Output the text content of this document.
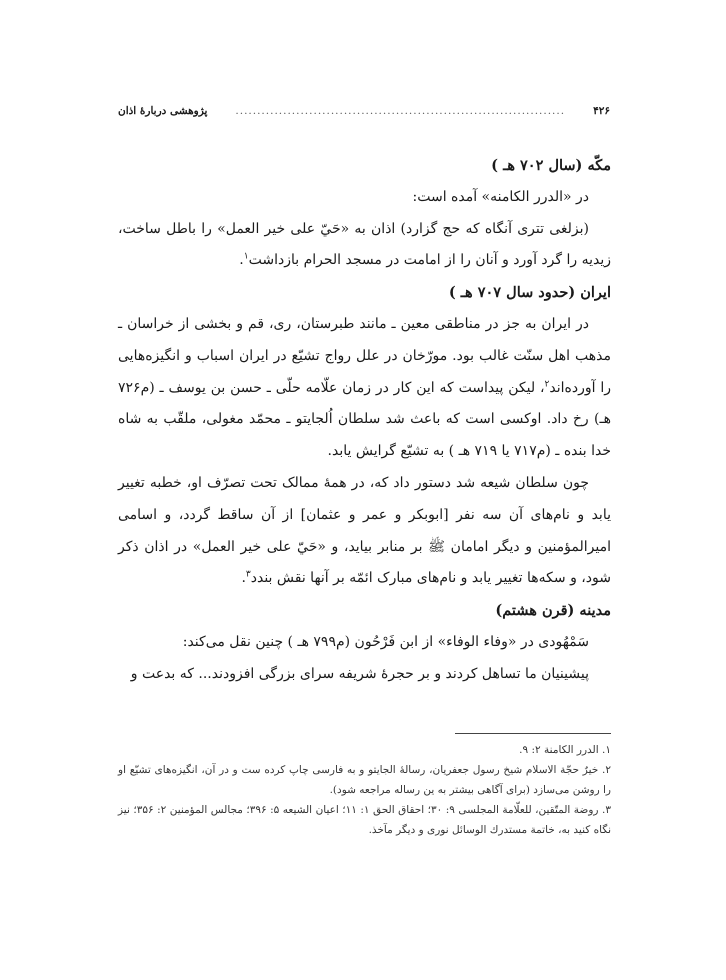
۴۲۶
............................................................................
پژوهشی دربارۀ اذان

مکّه (سال ۷۰۲ هـ )

در «الدرر الکامنه» آمده است:

(بزلغی تتری آنگاه که حج گزارد) اذان به «حَيّ على خير العمل» را باطل ساخت، زیدیه را گرد آورد و آنان را از امامت در مسجد الحرام بازداشت$^۱$.

ایران (حدود سال ۷۰۷ هـ )

در ایران به جز در مناطقی معین ـ مانند طبرستان، ری، قم و بخشی از خراسان ـ مذهب اهل سنّت غالب بود. مورّخان در علل رواج تشیّع در ایران اسباب و انگیزه‌هایی را آورده‌اند$^۲$، لیکن پیداست که این کار در زمان علّامه حلّی ـ حسن بن یوسف ـ (م۷۲۶ هـ) رخ داد. اوکسی است که باعث شد سلطان اُلجایتو ـ محمّد مغولی، ملقّب به شاه خدا بنده ـ (م۷۱۷ یا ۷۱۹ هـ ) به تشیّع گرایش یابد.

چون سلطان شیعه شد دستور داد که، در همۀ ممالک تحت تصرّف او، خطبه تغییر یابد و نام‌های آن سه نفر [ابوبکر و عمر و عثمان] از آن ساقط گردد، و اسامی امیرالمؤمنین و دیگر امامان ﷺ بر منابر بیاید، و «حَيّ على خير العمل» در اذان ذکر شود، و سکه‌ها تغییر یابد و نام‌های مبارک ائمّه بر آنها نقش بندد$^۳$.

مدینه (قرن هشتم)

سَمْهُودی در «وفاء الوفاء» از ابن فَرْحُون (م۷۹۹ هـ ) چنین نقل می‌کند:

پیشینیان ما تساهل کردند و بر حجرۀ شریفه سرای بزرگی افزودند... که بدعت و

۱. الدرر الكامنة ۲: ۹.

۲. خیرٌ حجّة الاسلام شیخ رسول جعفریان، رسالۀ الجایتو و به فارسی چاپ کرده ست و در آن، انگیزه‌های تشیّع او را روشن می‌سازد (برای آگاهی بیشتر به ین رساله مراجعه شود).

۳. روضة المتّقین، للعلّامة المجلسی ۹: ۳۰؛ احقاق الحق ۱: ۱۱؛ اعیان الشیعه ۵: ۳۹۶؛ مجالس المؤمنین ۲: ۳۵۶؛ نیز نگاه کنید به، خاتمة مستدرك الوسائل نوری و دیگر مآخذ.
